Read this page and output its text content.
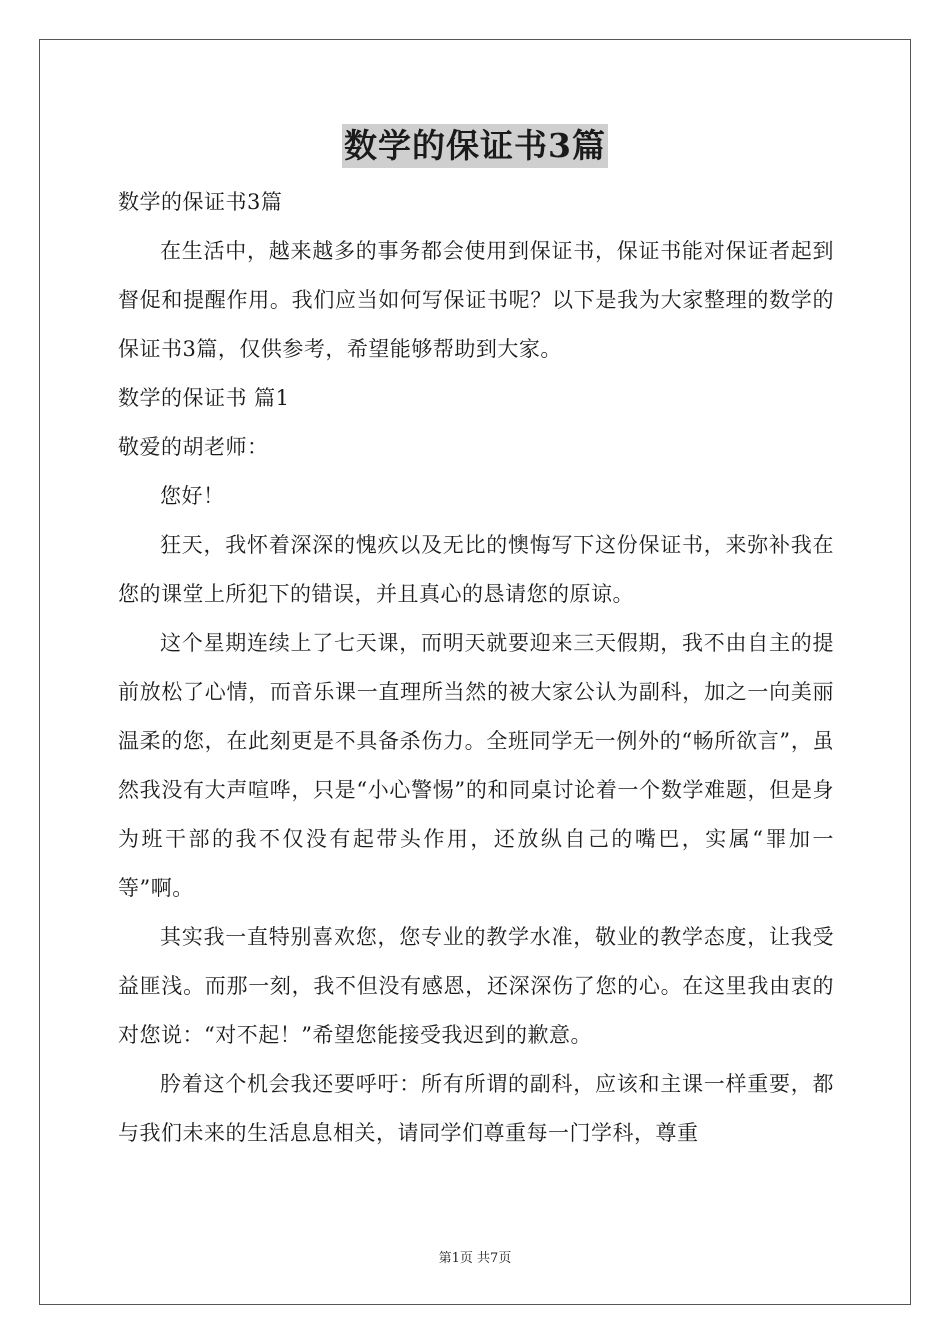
数学的保证书3篇

数学的保证书3篇

在生活中，越来越多的事务都会使用到保证书，保证书能对保证者起到督促和提醒作用。我们应当如何写保证书呢？以下是我为大家整理的数学的保证书3篇，仅供参考，希望能够帮助到大家。

数学的保证书 篇1

敬爱的胡老师：

您好！

狂天，我怀着深深的愧疚以及无比的懊悔写下这份保证书，来弥补我在您的课堂上所犯下的错误，并且真心的恳请您的原谅。

这个星期连续上了七天课，而明天就要迎来三天假期，我不由自主的提前放松了心情，而音乐课一直理所当然的被大家公认为副科，加之一向美丽温柔的您，在此刻更是不具备杀伤力。全班同学无一例外的“畅所欲言”，虽然我没有大声喧哗，只是“小心警惕”的和同桌讨论着一个数学难题，但是身为班干部的我不仅没有起带头作用，还放纵自己的嘴巴，实属“罪加一等”啊。

其实我一直特别喜欢您，您专业的教学水准，敬业的教学态度，让我受益匪浅。而那一刻，我不但没有感恩，还深深伤了您的心。在这里我由衷的对您说：“对不起！”希望您能接受我迟到的歉意。

肣着这个机会我还要呼吁：所有所谓的副科，应该和主课一样重要，都与我们未来的生活息息相关，请同学们尊重每一门学科，尊重

第1页 共7页
